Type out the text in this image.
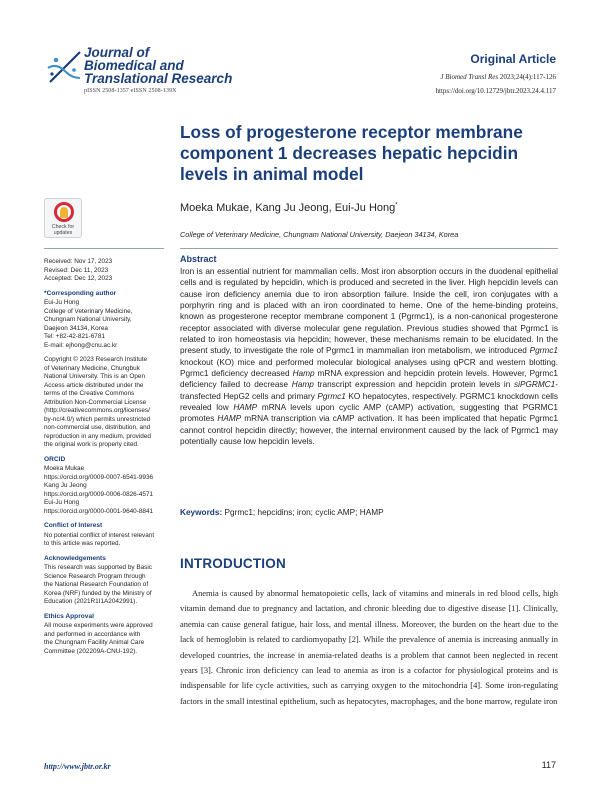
Journal of
Biomedical and
Translational Research
pISSN 2508-1357 eISSN 2508-139X
Original Article
J Biomed Transl Res 2023;24(4):117-126
https://doi.org/10.12729/jbtr.2023.24.4.117
Loss of progesterone receptor membrane component 1 decreases hepatic hepcidin levels in animal model
Moeka Mukae, Kang Ju Jeong, Eui-Ju Hong*
College of Veterinary Medicine, Chungnam National University, Daejeon 34134, Korea
Check for
updates
Received: Nov 17, 2023
Revised: Dec 11, 2023
Accepted: Dec 12, 2023
*Corresponding author
Eui-Ju Hong
College of Veterinary Medicine,
Chungnam National University,
Daejeon 34134, Korea
Tel: +82-42-821-6781
E-mail: ejhong@cnu.ac.kr
Copyright © 2023 Research Institute
of Veterinary Medicine, Chungbuk
National University. This is an Open
Access article distributed under the
terms of the Creative Commons
Attribution Non-Commercial License
(http://creativecommons.org/licenses/
by-nc/4.0/) which permits unrestricted
non-commercial use, distribution, and
reproduction in any medium, provided
the original work is properly cited.
ORCID
Moeka Mukae
https://orcid.org/0009-0007-6541-9936
Kang Ju Jeong
https://orcid.org/0009-0006-0826-4571
Eui-Ju Hong
https://orcid.org/0000-0001-9640-8841
Conflict of Interest
No potential conflict of interest relevant
to this article was reported.
Acknowledgements
This research was supported by Basic
Science Research Program through
the National Research Foundation of
Korea (NRF) funded by the Ministry of
Education (2021R1I1A2042991).
Ethics Approval
All mouse experiments were approved
and performed in accordance with
the Chungnam Facility Animal Care
Committee (202209A-CNU-192).
Abstract

Iron is an essential nutrient for mammalian cells. Most iron absorption occurs in the duodenal epithelial cells and is regulated by hepcidin, which is produced and secreted in the liver. High hepcidin levels can cause iron deficiency anemia due to iron absorption failure. Inside the cell, iron conjugates with a porphyrin ring and is placed with an iron coordinated to heme. One of the heme-binding proteins, known as progesterone receptor membrane component 1 (Pgrmc1), is a non-canonical progesterone receptor associated with diverse molecular gene regulation. Previous studies showed that Pgrmc1 is related to iron homeostasis via hepcidin; however, these mechanisms remain to be elucidated. In the present study, to investigate the role of Pgrmc1 in mammalian iron metabolism, we introduced Pgrmc1 knockout (KO) mice and performed molecular biological analyses using qPCR and western blotting. Pgrmc1 deficiency decreased Hamp mRNA expression and hepcidin protein levels. However, Pgrmc1 deficiency failed to decrease Hamp transcript expression and hepcidin protein levels in siPGRMC1-transfected HepG2 cells and primary Pgrmc1 KO hepatocytes, respectively. PGRMC1 knockdown cells revealed low HAMP mRNA levels upon cyclic AMP (cAMP) activation, suggesting that PGRMC1 promotes HAMP mRNA transcription via cAMP activation. It has been implicated that hepatic Pgrmc1 cannot control hepcidin directly; however, the internal environment caused by the lack of Pgrmc1 may potentially cause low hepcidin levels.

Keywords: Pgrmc1; hepcidins; iron; cyclic AMP; HAMP
INTRODUCTION

Anemia is caused by abnormal hematopoietic cells, lack of vitamins and minerals in red blood cells, high vitamin demand due to pregnancy and lactation, and chronic bleeding due to digestive disease [1]. Clinically, anemia can cause general fatigue, hair loss, and mental illness. Moreover, the burden on the heart due to the lack of hemoglobin is related to cardiomyopathy [2]. While the prevalence of anemia is increasing annually in developed countries, the increase in anemia-related deaths is a problem that cannot been neglected in recent years [3]. Chronic iron deficiency can lead to anemia as iron is a cofactor for physiological proteins and is indispensable for life cycle activities, such as carrying oxygen to the mitochondria [4]. Some iron-regulating factors in the small intestinal epithelium, such as hepatocytes, macrophages, and the bone marrow, regulate iron

http://www.jbtr.or.kr	117
